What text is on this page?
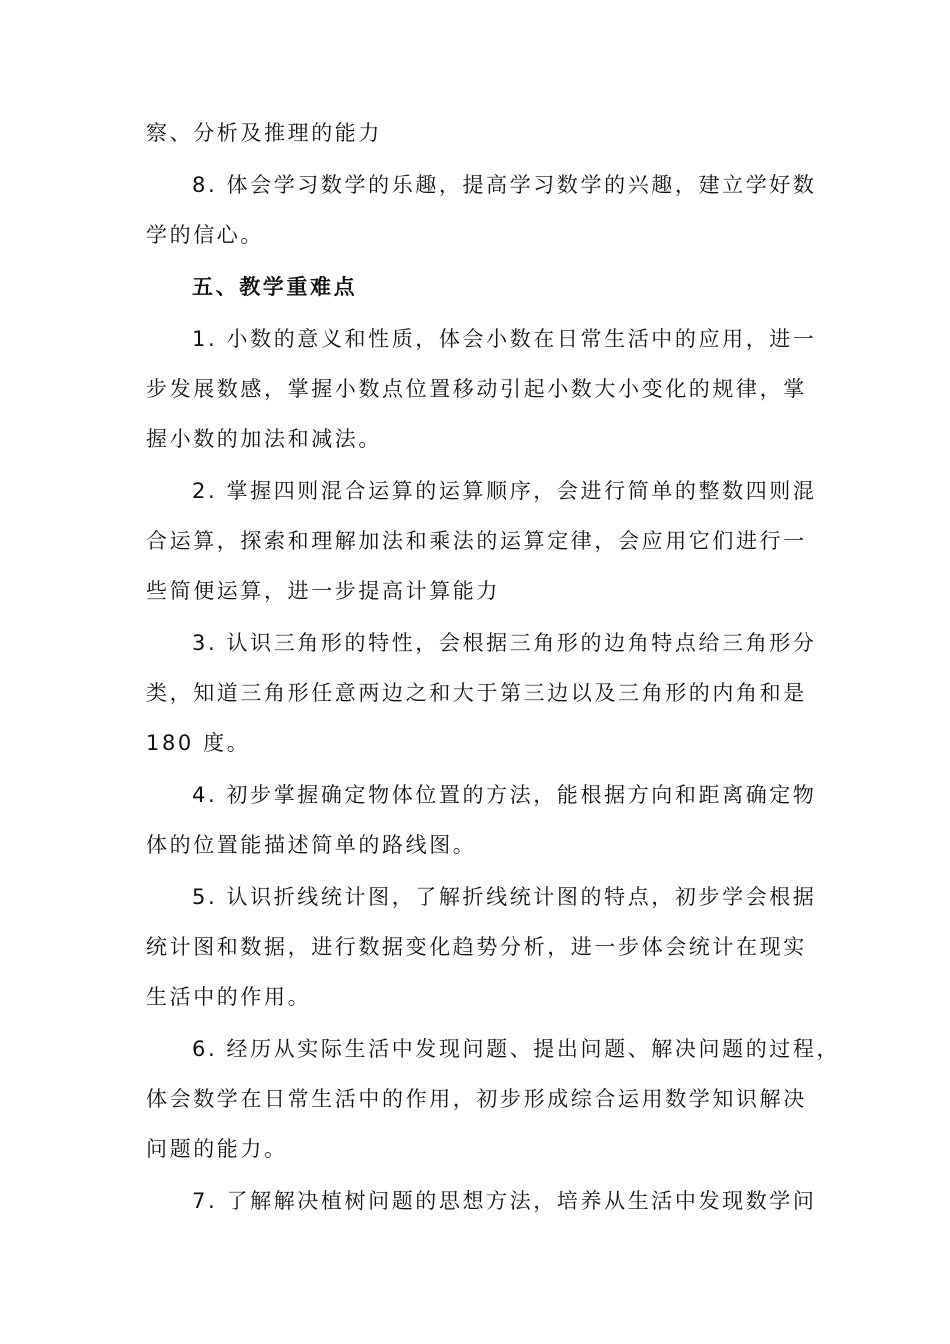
察、分析及推理的能力

8. 体会学习数学的乐趣，提高学习数学的兴趣，建立学好数
学的信心。

五、教学重难点

1. 小数的意义和性质，体会小数在日常生活中的应用，进一
步发展数感，掌握小数点位置移动引起小数大小变化的规律，掌
握小数的加法和减法。

2. 掌握四则混合运算的运算顺序，会进行简单的整数四则混
合运算，探索和理解加法和乘法的运算定律，会应用它们进行一
些简便运算，进一步提高计算能力

3. 认识三角形的特性，会根据三角形的边角特点给三角形分
类，知道三角形任意两边之和大于第三边以及三角形的内角和是
180 度。

4. 初步掌握确定物体位置的方法，能根据方向和距离确定物
体的位置能描述简单的路线图。

5. 认识折线统计图，了解折线统计图的特点，初步学会根据
统计图和数据，进行数据变化趋势分析，进一步体会统计在现实
生活中的作用。

6. 经历从实际生活中发现问题、提出问题、解决问题的过程，
体会数学在日常生活中的作用，初步形成综合运用数学知识解决
问题的能力。

7. 了解解决植树问题的思想方法，培养从生活中发现数学问
